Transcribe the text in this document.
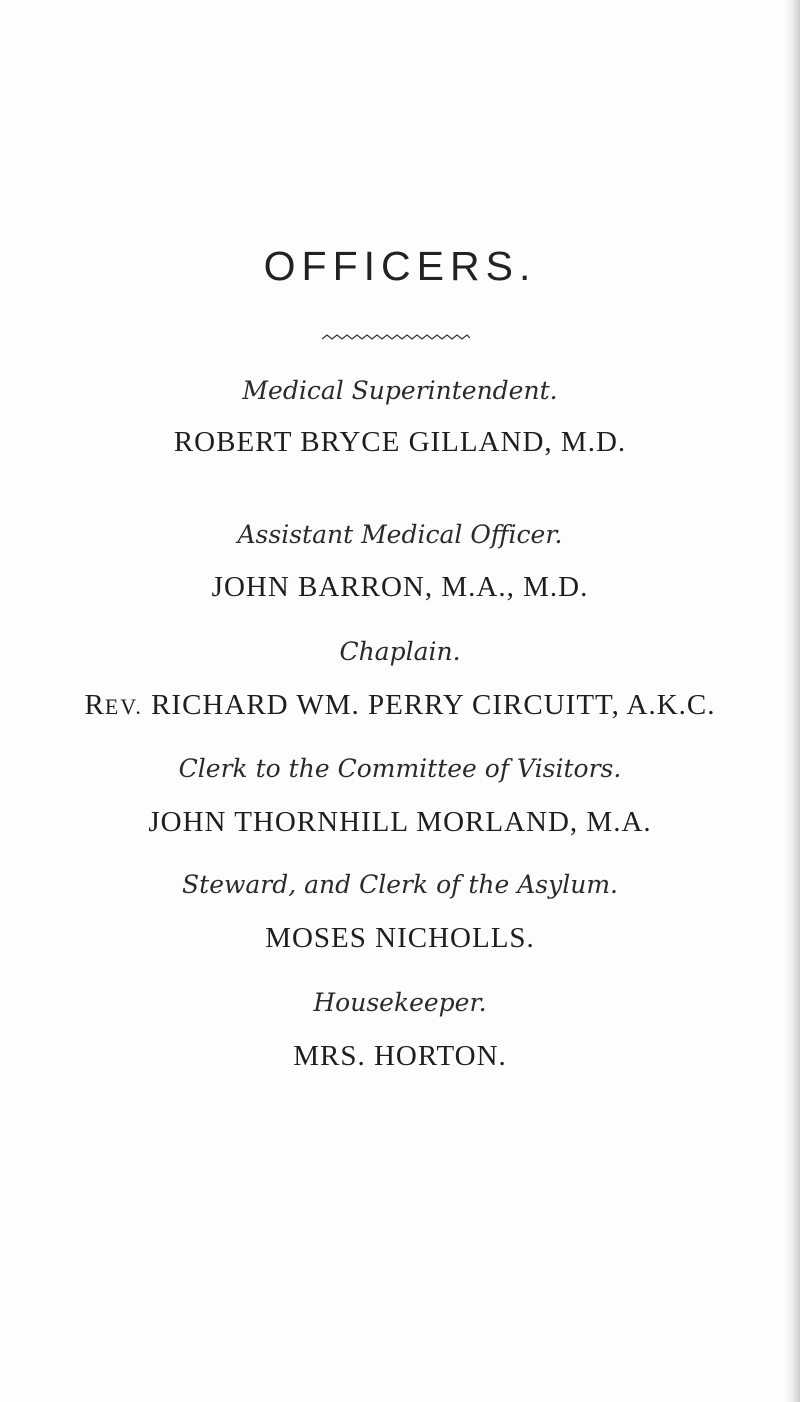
OFFICERS.
Medical Superintendent.
ROBERT BRYCE GILLAND, M.D.
Assistant Medical Officer.
JOHN BARRON, M.A., M.D.
Chaplain.
REV. RICHARD WM. PERRY CIRCUITT, A.K.C.
Clerk to the Committee of Visitors.
JOHN THORNHILL MORLAND, M.A.
Steward, and Clerk of the Asylum.
MOSES NICHOLLS.
Housekeeper.
MRS. HORTON.
